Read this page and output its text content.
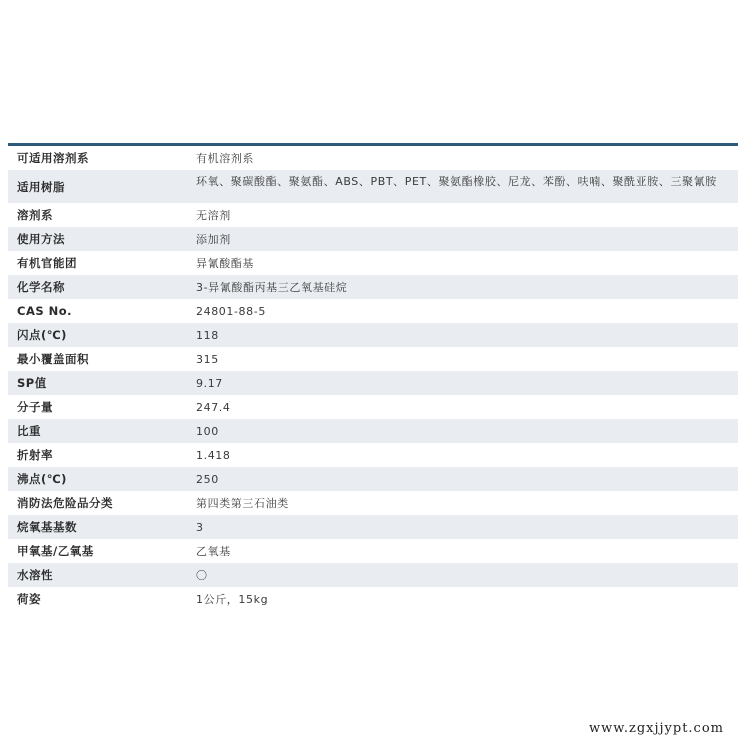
可适用溶剂系	有机溶剂系
适用树脂	环氧、聚碳酸酯、聚氨酯、ABS、PBT、PET、聚氨酯橡胶、尼龙、苯酚、呋喃、聚酰亚胺、三聚氰胺
溶剂系	无溶剂
使用方法	添加剂
有机官能团	异氰酸酯基
化学名称	3-异氰酸酯丙基三乙氧基硅烷
CAS No.	24801-88-5
闪点(℃)	118
最小覆盖面积	315
SP值	9.17
分子量	247.4
比重	100
折射率	1.418
沸点(℃)	250
消防法危险品分类	第四类第三石油类
烷氧基基数	3
甲氧基/乙氧基	乙氧基
水溶性	〇
荷姿	1公斤，15kg
www.zgxjjypt.com
